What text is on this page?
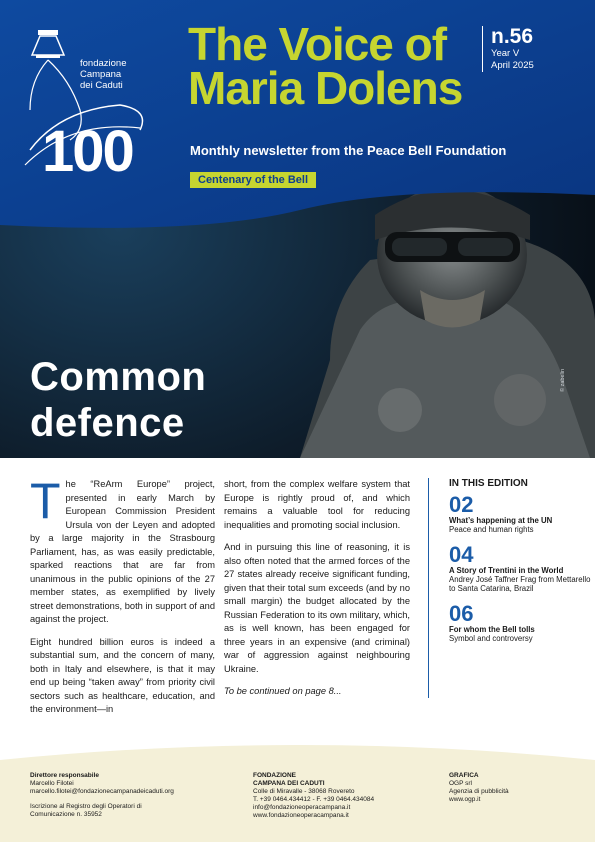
fondazione
Campana
dei Caduti
100
The Voice of
Maria Dolens
n.56
Year V
April 2025
Monthly newsletter from the Peace Bell Foundation
Centenary of the Bell
Common
defence
© zabelin
T he “ReArm Europe” project, presented in early March by European Commission President Ursula von der Leyen and adopted by a large majority in the Strasbourg Parliament, has, as was easily predictable, sparked reactions that are far from unanimous in the public opinions of the 27 member states, as exemplified by lively street demonstrations, both in support of and against the project.

Eight hundred billion euros is indeed a substantial sum, and the concern of many, both in Italy and elsewhere, is that it may end up being “taken away” from priority civil sectors such as healthcare, education, and the environment—in

short, from the complex welfare system that Europe is rightly proud of, and which remains a valuable tool for reducing inequalities and promoting social inclusion.

And in pursuing this line of reasoning, it is also often noted that the armed forces of the 27 states already receive significant funding, given that their total sum exceeds (and by no small margin) the budget allocated by the Russian Federation to its own military, which, as is well known, has been engaged for three years in an expensive (and criminal) war of aggression against neighbouring Ukraine.

To be continued on page 8...

IN THIS EDITION
02
What’s happening at the UN
Peace and human rights
04
A Story of Trentini in the World
Andrey José Taffner Frag from Mettarello to Santa Catarina, Brazil
06
For whom the Bell tolls
Symbol and controversy
Direttore responsabile
Marcello Filotei
marcello.filotei@fondazionecampanadeicaduti.org
Iscrizione al Registro degli Operatori di
Comunicazione n. 35952
FONDAZIONE
CAMPANA DEI CADUTI
Colle di Miravalle - 38068 Rovereto
T. +39 0464.434412 - F. +39 0464.434084
info@fondazioneoperacampana.it
www.fondazioneoperacampana.it
GRAFICA
OGP srl
Agenzia di pubblicità
www.ogp.it
